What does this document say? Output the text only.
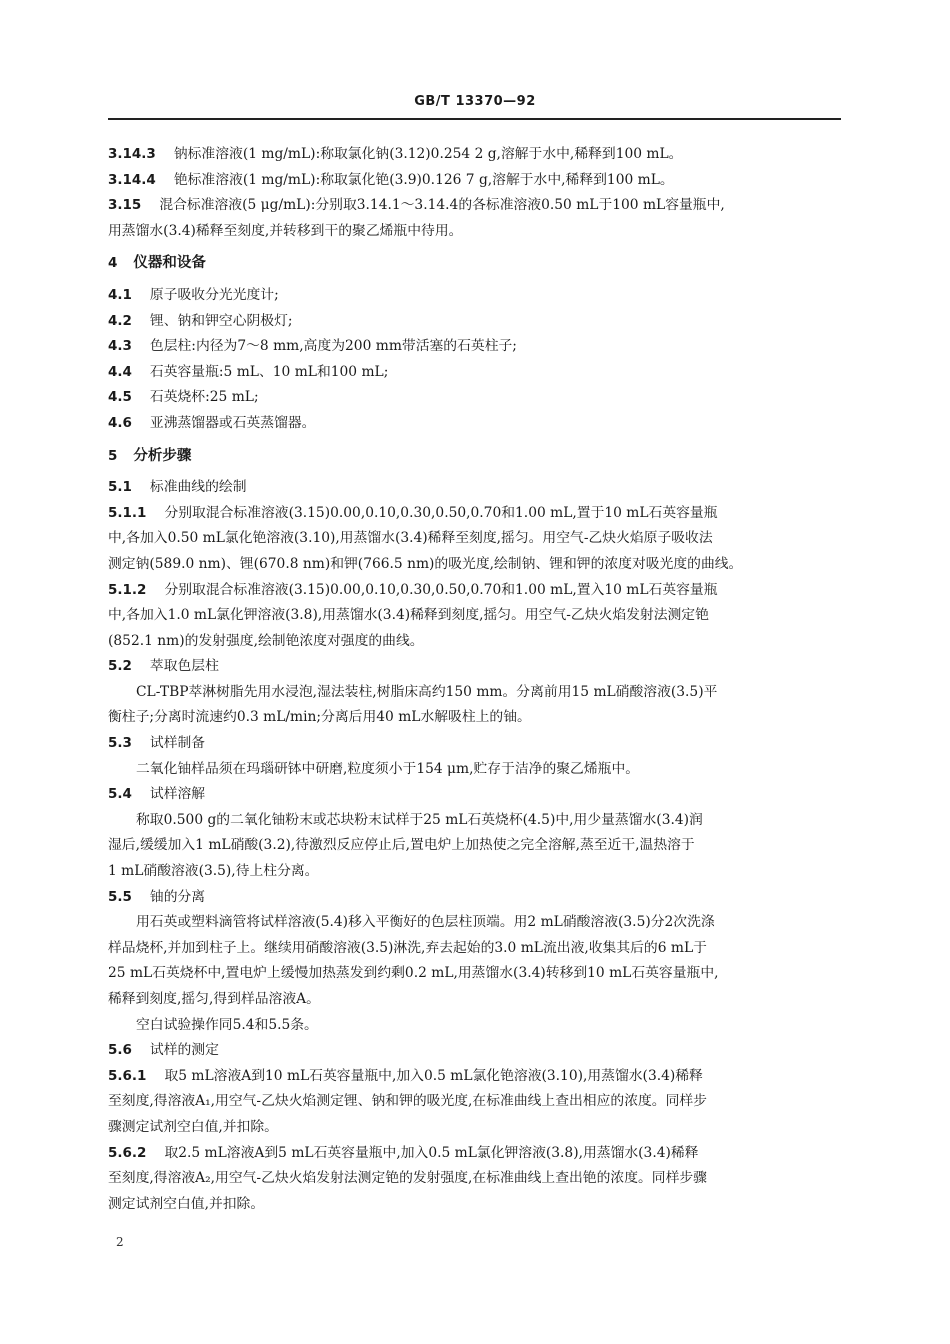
GB/T 13370—92
3.14.3 钠标准溶液(1 mg/mL):称取氯化钠(3.12)0.254 2 g,溶解于水中,稀释到100 mL。
3.14.4 铯标准溶液(1 mg/mL):称取氯化铯(3.9)0.126 7 g,溶解于水中,稀释到100 mL。
3.15 混合标准溶液(5 μg/mL):分别取3.14.1～3.14.4的各标准溶液0.50 mL于100 mL容量瓶中,
用蒸馏水(3.4)稀释至刻度,并转移到干的聚乙烯瓶中待用。
4 仪器和设备
4.1 原子吸收分光光度计;
4.2 锂、钠和钾空心阴极灯;
4.3 色层柱:内径为7～8 mm,高度为200 mm带活塞的石英柱子;
4.4 石英容量瓶:5 mL、10 mL和100 mL;
4.5 石英烧杯:25 mL;
4.6 亚沸蒸馏器或石英蒸馏器。
5 分析步骤
5.1 标准曲线的绘制
5.1.1 分别取混合标准溶液(3.15)0.00,0.10,0.30,0.50,0.70和1.00 mL,置于10 mL石英容量瓶
中,各加入0.50 mL氯化铯溶液(3.10),用蒸馏水(3.4)稀释至刻度,摇匀。用空气-乙炔火焰原子吸收法
测定钠(589.0 nm)、锂(670.8 nm)和钾(766.5 nm)的吸光度,绘制钠、锂和钾的浓度对吸光度的曲线。
5.1.2 分别取混合标准溶液(3.15)0.00,0.10,0.30,0.50,0.70和1.00 mL,置入10 mL石英容量瓶
中,各加入1.0 mL氯化钾溶液(3.8),用蒸馏水(3.4)稀释到刻度,摇匀。用空气-乙炔火焰发射法测定铯
(852.1 nm)的发射强度,绘制铯浓度对强度的曲线。
5.2 萃取色层柱
CL-TBP萃淋树脂先用水浸泡,湿法装柱,树脂床高约150 mm。分离前用15 mL硝酸溶液(3.5)平
衡柱子;分离时流速约0.3 mL/min;分离后用40 mL水解吸柱上的铀。
5.3 试样制备
二氧化铀样品须在玛瑙研钵中研磨,粒度须小于154 μm,贮存于洁净的聚乙烯瓶中。
5.4 试样溶解
称取0.500 g的二氧化铀粉末或芯块粉末试样于25 mL石英烧杯(4.5)中,用少量蒸馏水(3.4)润
湿后,缓缓加入1 mL硝酸(3.2),待激烈反应停止后,置电炉上加热使之完全溶解,蒸至近干,温热溶于
1 mL硝酸溶液(3.5),待上柱分离。
5.5 铀的分离
用石英或塑料滴管将试样溶液(5.4)移入平衡好的色层柱顶端。用2 mL硝酸溶液(3.5)分2次洗涤
样品烧杯,并加到柱子上。继续用硝酸溶液(3.5)淋洗,弃去起始的3.0 mL流出液,收集其后的6 mL于
25 mL石英烧杯中,置电炉上缓慢加热蒸发到约剩0.2 mL,用蒸馏水(3.4)转移到10 mL石英容量瓶中,
稀释到刻度,摇匀,得到样品溶液A。
空白试验操作同5.4和5.5条。
5.6 试样的测定
5.6.1 取5 mL溶液A到10 mL石英容量瓶中,加入0.5 mL氯化铯溶液(3.10),用蒸馏水(3.4)稀释
至刻度,得溶液A₁,用空气-乙炔火焰测定锂、钠和钾的吸光度,在标准曲线上查出相应的浓度。同样步
骤测定试剂空白值,并扣除。
5.6.2 取2.5 mL溶液A到5 mL石英容量瓶中,加入0.5 mL氯化钾溶液(3.8),用蒸馏水(3.4)稀释
至刻度,得溶液A₂,用空气-乙炔火焰发射法测定铯的发射强度,在标准曲线上查出铯的浓度。同样步骤
测定试剂空白值,并扣除。
2
